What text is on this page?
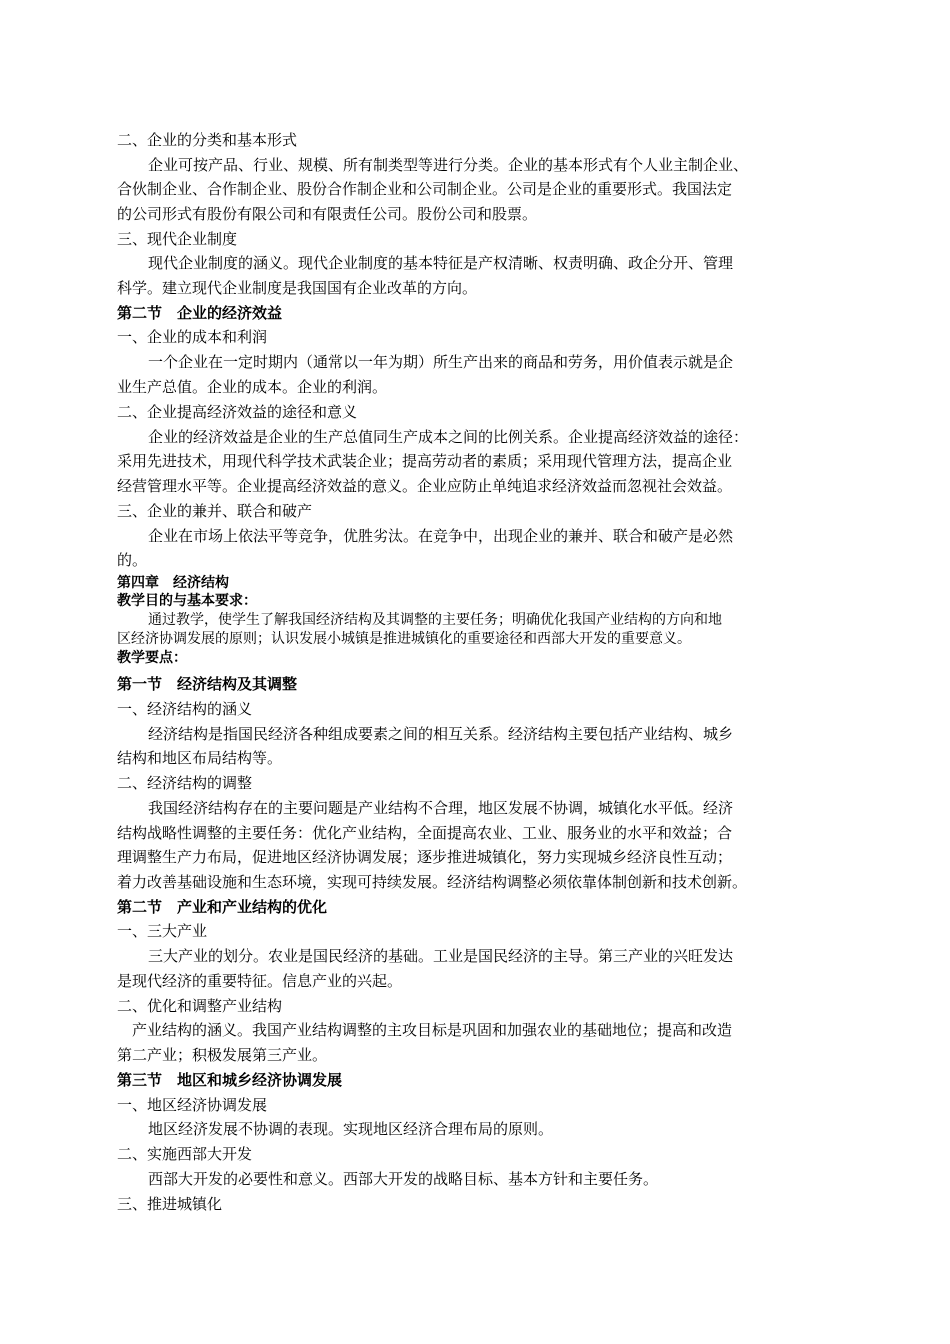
二、企业的分类和基本形式
企业可按产品、行业、规模、所有制类型等进行分类。企业的基本形式有个人业主制企业、
合伙制企业、合作制企业、股份合作制企业和公司制企业。公司是企业的重要形式。我国法定
的公司形式有股份有限公司和有限责任公司。股份公司和股票。
三、现代企业制度
现代企业制度的涵义。现代企业制度的基本特征是产权清晰、权责明确、政企分开、管理
科学。建立现代企业制度是我国国有企业改革的方向。
第二节　企业的经济效益
一、企业的成本和利润
一个企业在一定时期内（通常以一年为期）所生产出来的商品和劳务，用价值表示就是企
业生产总值。企业的成本。企业的利润。
二、企业提高经济效益的途径和意义
企业的经济效益是企业的生产总值同生产成本之间的比例关系。企业提高经济效益的途径：
采用先进技术，用现代科学技术武装企业；提高劳动者的素质；采用现代管理方法，提高企业
经营管理水平等。企业提高经济效益的意义。企业应防止单纯追求经济效益而忽视社会效益。
三、企业的兼并、联合和破产
企业在市场上依法平等竞争，优胜劣汰。在竞争中，出现企业的兼并、联合和破产是必然
的。
第四章　经济结构
教学目的与基本要求：
通过教学，使学生了解我国经济结构及其调整的主要任务；明确优化我国产业结构的方向和地
区经济协调发展的原则；认识发展小城镇是推进城镇化的重要途径和西部大开发的重要意义。
教学要点：
第一节　经济结构及其调整
一、经济结构的涵义
经济结构是指国民经济各种组成要素之间的相互关系。经济结构主要包括产业结构、城乡
结构和地区布局结构等。
二、经济结构的调整
我国经济结构存在的主要问题是产业结构不合理，地区发展不协调，城镇化水平低。经济
结构战略性调整的主要任务：优化产业结构，全面提高农业、工业、服务业的水平和效益；合
理调整生产力布局，促进地区经济协调发展；逐步推进城镇化，努力实现城乡经济良性互动；
着力改善基础设施和生态环境，实现可持续发展。经济结构调整必须依靠体制创新和技术创新。
第二节　产业和产业结构的优化
一、三大产业
三大产业的划分。农业是国民经济的基础。工业是国民经济的主导。第三产业的兴旺发达
是现代经济的重要特征。信息产业的兴起。
二、优化和调整产业结构
产业结构的涵义。我国产业结构调整的主攻目标是巩固和加强农业的基础地位；提高和改造
第二产业；积极发展第三产业。
第三节　地区和城乡经济协调发展
一、地区经济协调发展
地区经济发展不协调的表现。实现地区经济合理布局的原则。
二、实施西部大开发
西部大开发的必要性和意义。西部大开发的战略目标、基本方针和主要任务。
三、推进城镇化
